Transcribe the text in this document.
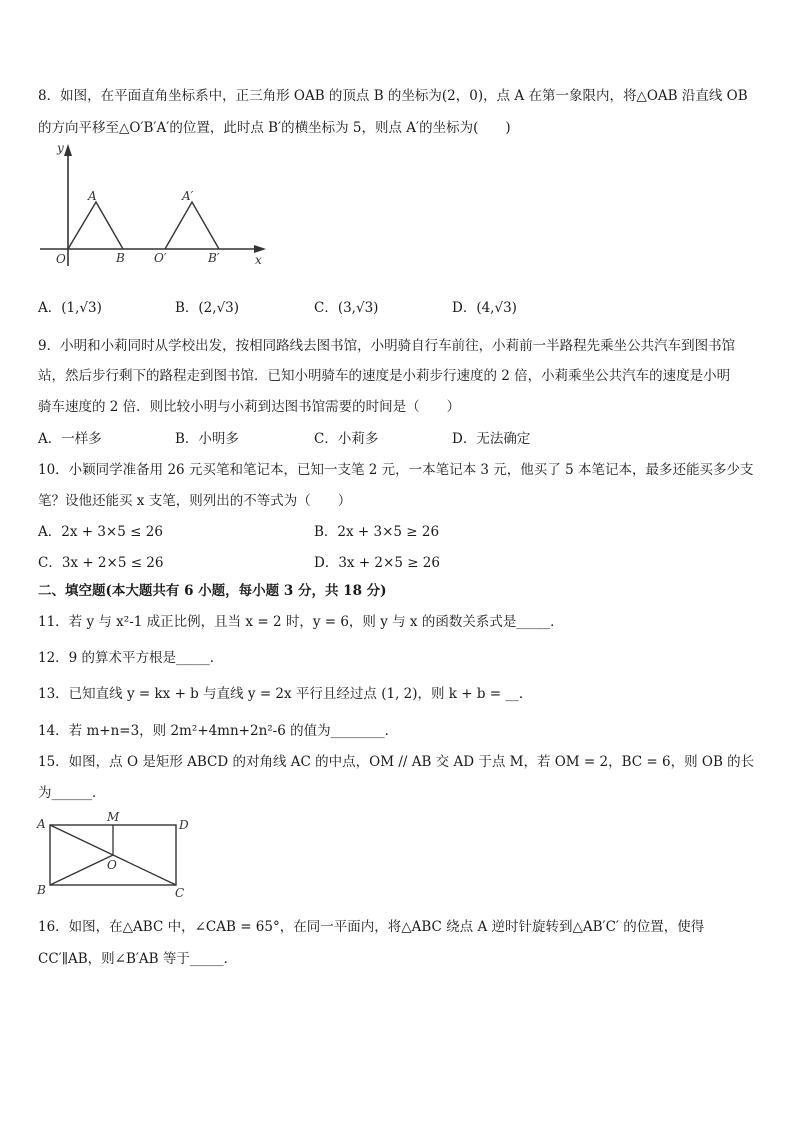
8．如图，在平面直角坐标系中，正三角形 OAB 的顶点 B 的坐标为(2，0)，点 A 在第一象限内，将△OAB 沿直线 OB
的方向平移至△O′B′A′的位置，此时点 B′的横坐标为 5，则点 A′的坐标为(　　)
y
x
A	A′
O	B O′	B′
A．(1,√3)	B．(2,√3)	C．(3,√3)	D．(4,√3)
9．小明和小莉同时从学校出发，按相同路线去图书馆，小明骑自行车前往，小莉前一半路程先乘坐公共汽车到图书馆
站，然后步行剩下的路程走到图书馆．已知小明骑车的速度是小莉步行速度的 2 倍，小莉乘坐公共汽车的速度是小明
骑车速度的 2 倍．则比较小明与小莉到达图书馆需要的时间是（　　）
A．一样多	B．小明多	C．小莉多	D．无法确定
10．小颖同学准备用 26 元买笔和笔记本，已知一支笔 2 元，一本笔记本 3 元，他买了 5 本笔记本，最多还能买多少支
笔？设他还能买 x 支笔，则列出的不等式为（　　）
A．2x + 3×5 ≤ 26	B．2x + 3×5 ≥ 26
C．3x + 2×5 ≤ 26	D．3x + 2×5 ≥ 26
二、填空题(本大题共有 6 小题，每小题 3 分，共 18 分)
11．若 y 与 x²-1 成正比例，且当 x = 2 时，y = 6，则 y 与 x 的函数关系式是_____．
12．9 的算术平方根是_____．
13．已知直线 y = kx + b 与直线 y = 2x 平行且经过点 (1, 2)，则 k + b = __．
14．若 m+n=3，则 2m²+4mn+2n²-6 的值为________．
15．如图，点 O 是矩形 ABCD 的对角线 AC 的中点，OM // AB 交 AD 于点 M，若 OM = 2，BC = 6，则 OB 的长
为______．
A	M
D
O
B	C
16．如图，在△ABC 中，∠CAB = 65°，在同一平面内，将△ABC 绕点 A 逆时针旋转到△AB′C′ 的位置，使得
CC′∥AB，则∠B′AB 等于_____．
